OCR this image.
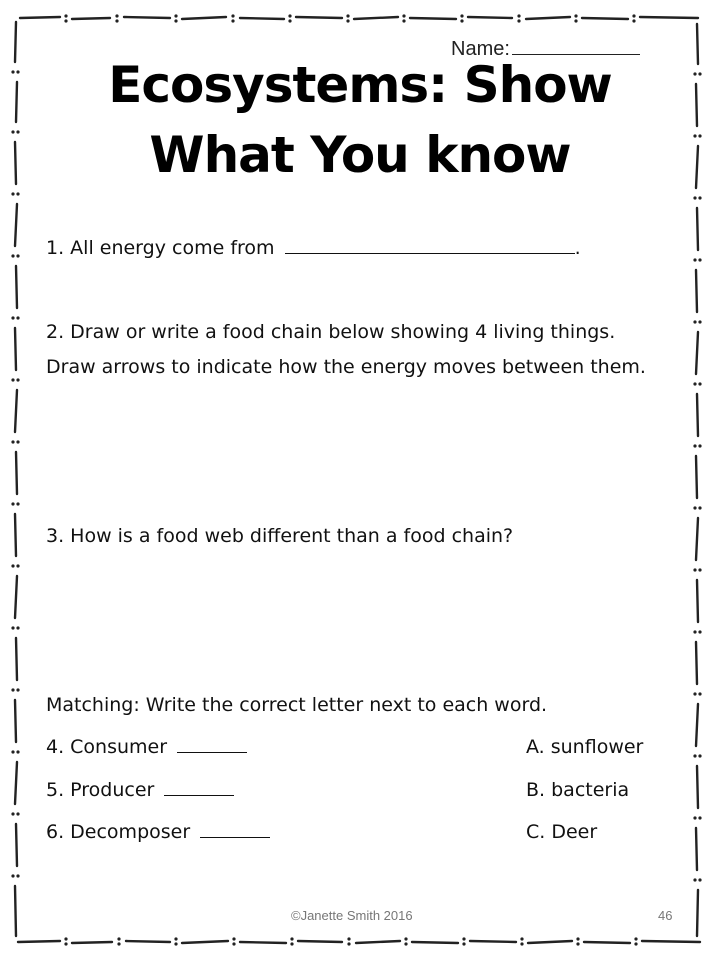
Name:
Ecosystems: Show
What You know
1. All energy come from	.
2. Draw or write a food chain below showing 4 living things.
Draw arrows to indicate how the energy moves between them.
3. How is a food web different than a food chain?
Matching: Write the correct letter next to each word.
4. Consumer
5. Producer
6. Decomposer
A. sunflower
B. bacteria
C. Deer
©Janette Smith 2016	46
